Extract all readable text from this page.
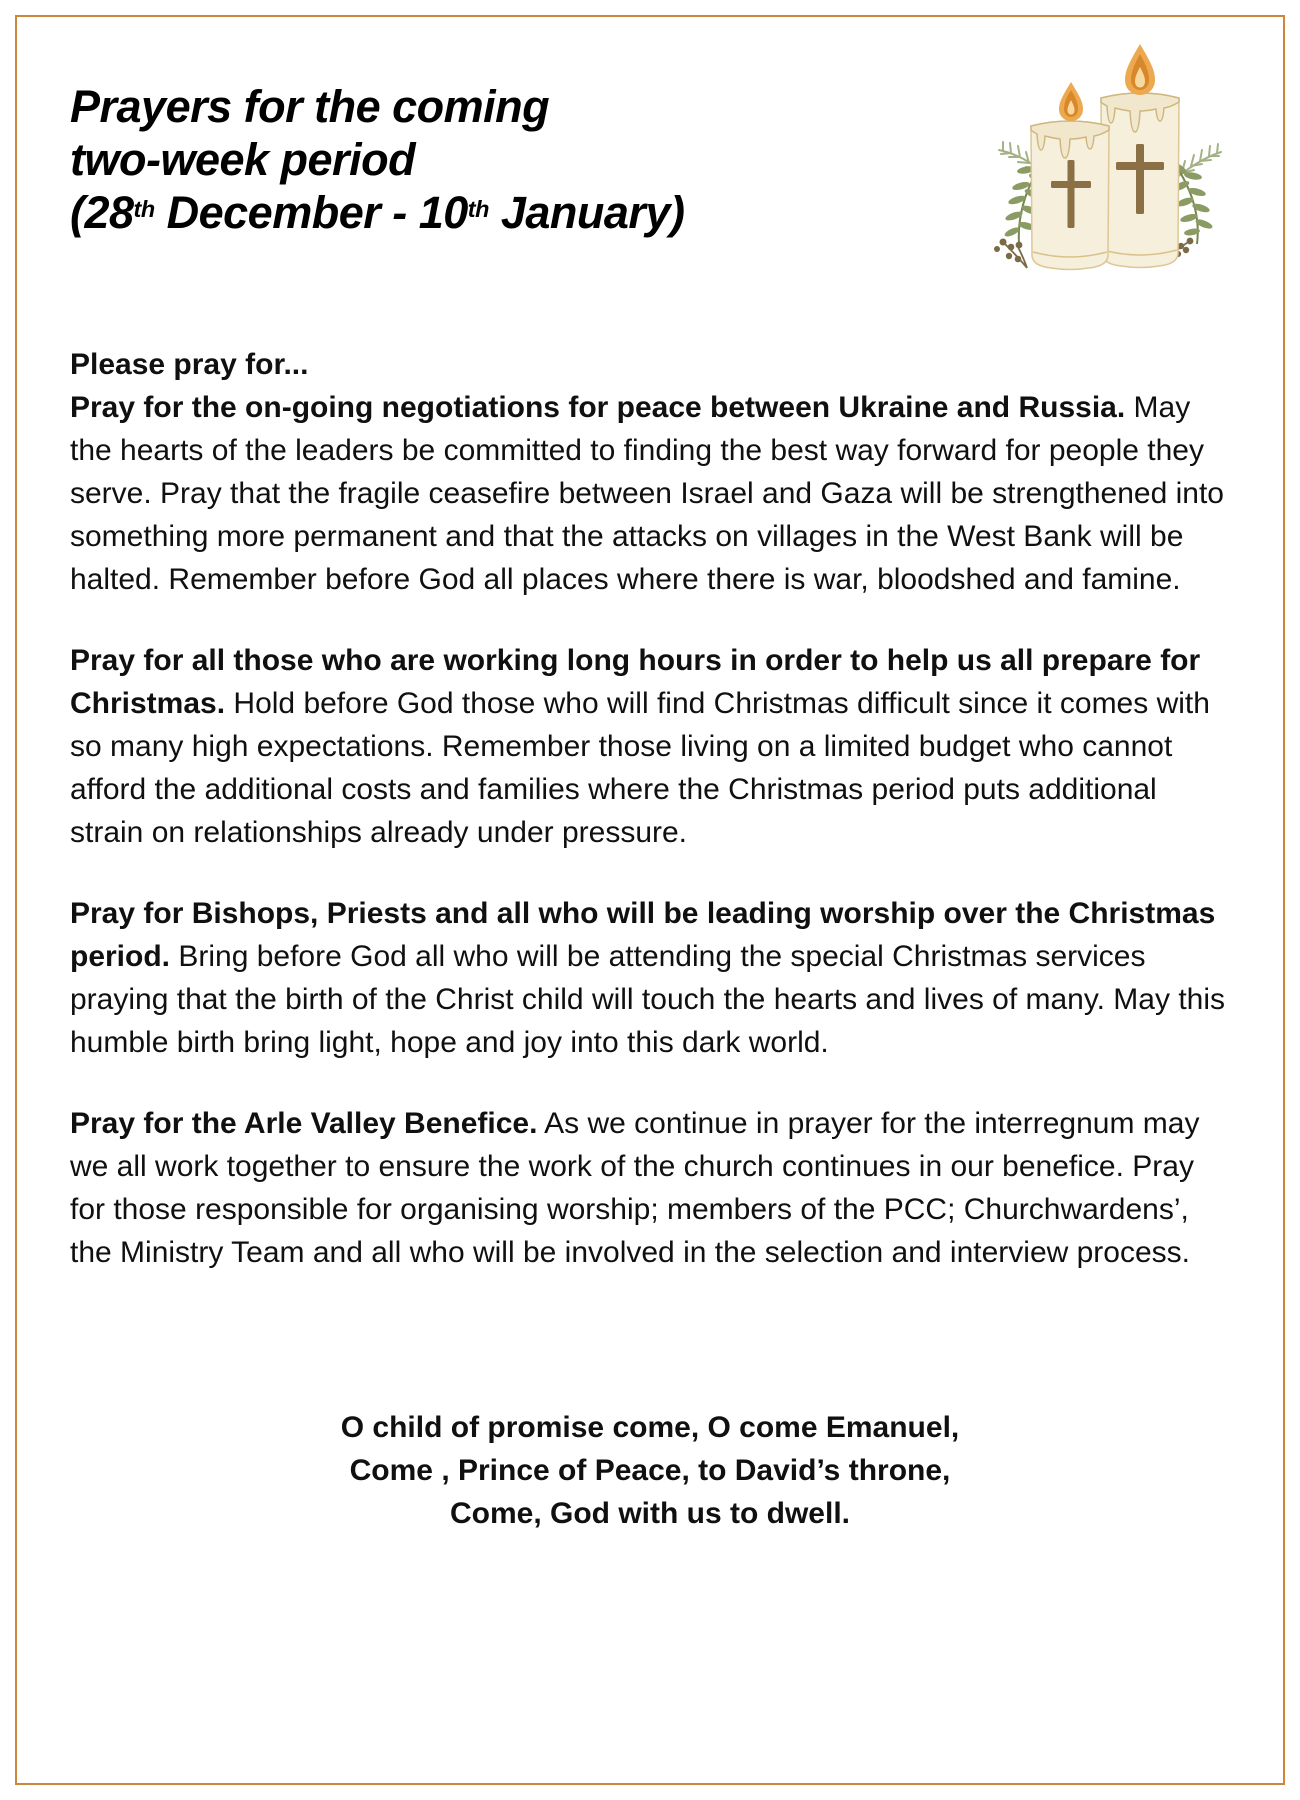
Prayers for the coming
two-week period
(28th December - 10th January)

Please pray for...

Pray for the on-going negotiations for peace between Ukraine and Russia. May the hearts of the leaders be committed to finding the best way forward for people they serve. Pray that the fragile ceasefire between Israel and Gaza will be strengthened into something more permanent and that the attacks on villages in the West Bank will be halted. Remember before God all places where there is war, bloodshed and famine.

Pray for all those who are working long hours in order to help us all prepare for Christmas. Hold before God those who will find Christmas difficult since it comes with so many high expectations. Remember those living on a limited budget who cannot afford the additional costs and families where the Christmas period puts additional strain on relationships already under pressure.

Pray for Bishops, Priests and all who will be leading worship over the Christmas period. Bring before God all who will be attending the special Christmas services praying that the birth of the Christ child will touch the hearts and lives of many. May this humble birth bring light, hope and joy into this dark world.

Pray for the Arle Valley Benefice. As we continue in prayer for the interregnum may we all work together to ensure the work of the church continues in our benefice. Pray for those responsible for organising worship; members of the PCC; Churchwardens’, the Ministry Team and all who will be involved in the selection and interview process.

O child of promise come, O come Emanuel,
Come , Prince of Peace, to David’s throne,
Come, God with us to dwell.
